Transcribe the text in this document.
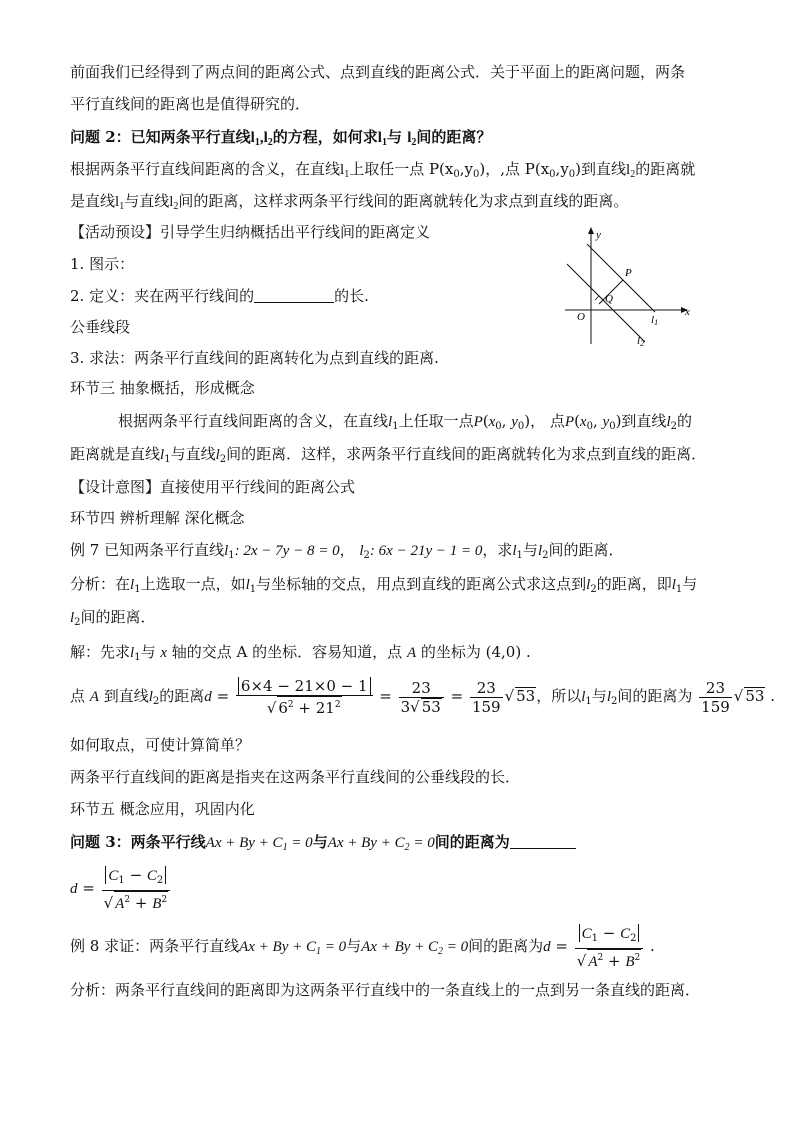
前面我们已经得到了两点间的距离公式、点到直线的距离公式．关于平面上的距离问题，两条
平行直线间的距离也是值得研究的．
问题 2：已知两条平行直线$l_1,l_2$的方程，如何求$l_1$与 $l_2$间的距离？
根据两条平行直线间距离的含义，在直线$l_1$上取任一点 $P(x_0,y_0)$，,点 $P(x_0,y_0)$到直线$l_2$的距离就
是直线$l_1$与直线$l_2$间的距离，这样求两条平行线间的距离就转化为求点到直线的距离。
【活动预设】引导学生归纳概括出平行线间的距离定义
1. 图示：
2. 定义：夹在两平行线间的	的长.
公垂线段
3. 求法：两条平行直线间的距离转化为点到直线的距离.
y
x
O
P
Q
l1
l2
环节三 抽象概括，形成概念
根据两条平行直线间距离的含义，在直线$l_1$上任取一点$P(x_0$, $y_0$)， 点$P(x_0$, $y_0$)到直线$l_2$的
距离就是直线$l_1$与直线$l_2$间的距离．这样，求两条平行直线间的距离就转化为求点到直线的距离．
【设计意图】直接使用平行线间的距离公式
环节四 辨析理解 深化概念
例 7 已知两条平行直线$l_1$: 2x − 7y − 8 = 0， $l_2$: 6x − 21y − 1 = 0，求$l_1$与$l_2$间的距离．
分析：在$l_1$上选取一点，如$l_1$与坐标轴的交点，用点到直线的距离公式求这点到$l_2$的距离，即$l_1$与
$l_2$间的距离．
解：先求$l_1$与 x 轴的交点 A 的坐标．容易知道，点 A 的坐标为 (4,0) .
点 A 到直线$l_2$的距离$d = \frac{6\times 4 - 21\times 0 - 1}{√ 6^2 + 21^2} = \frac{23}{3√ 53} = \frac{23}{159}$ √ 53，所以$l_1$与$l_2$间的距离为 $\frac{23}{159}$ √ 53 .
如何取点，可使计算简单？
两条平行直线间的距离是指夹在这两条平行直线间的公垂线段的长．
环节五 概念应用，巩固内化
问题 3：两条平行线$Ax + By + C_1 = 0$与$Ax + By + C_2 = 0$间的距离为
$d = \frac{C_1 - C_2}{√ A^2 + B^2}$
例 8 求证：两条平行直线$Ax + By + C_1 = 0$与$Ax + By + C_2 = 0$间的距离为$d = \frac{C_1 - C_2}{√ A^2 + B^2}$ .
分析：两条平行直线间的距离即为这两条平行直线中的一条直线上的一点到另一条直线的距离．
